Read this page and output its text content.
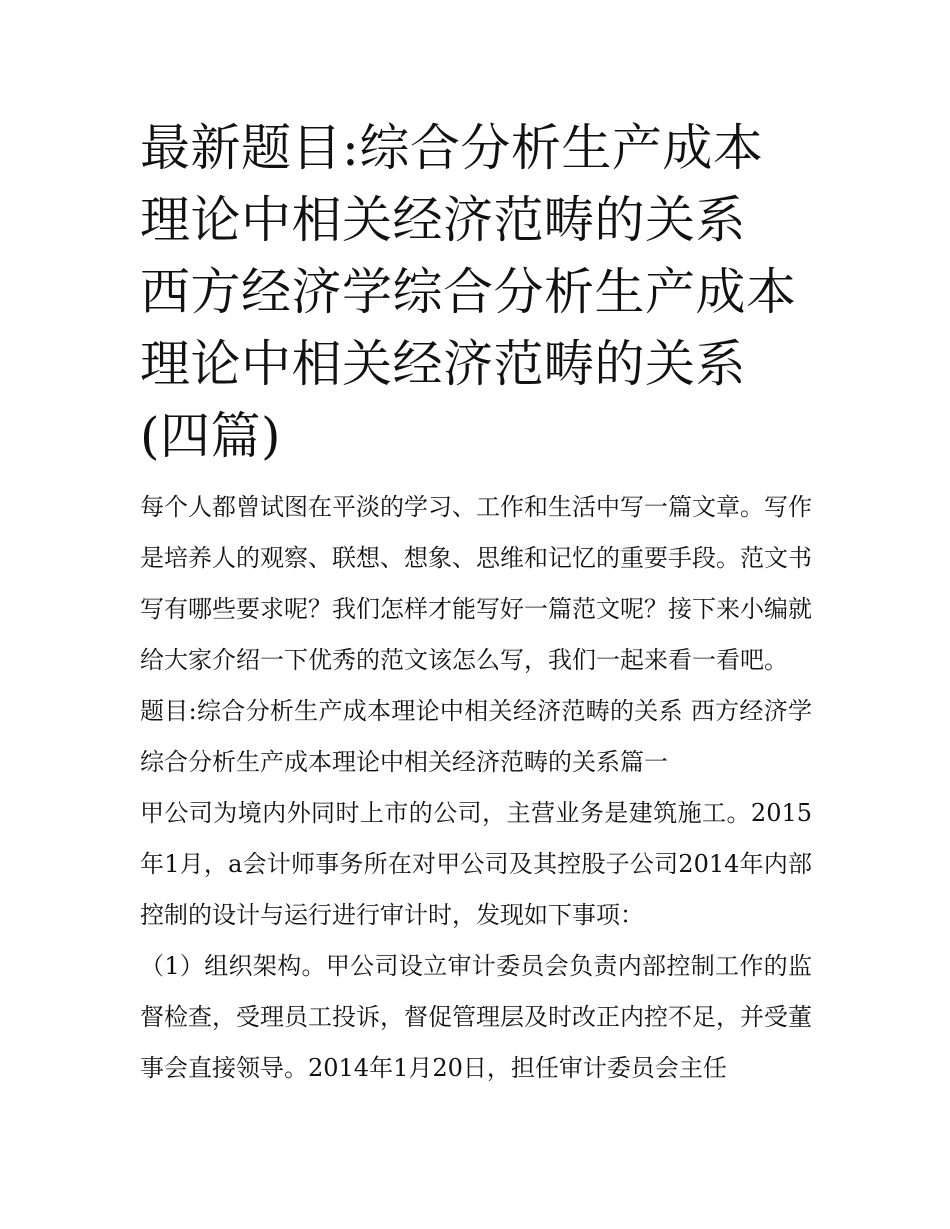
最新题目:综合分析生产成本理论中相关经济范畴的关系 西方经济学综合分析生产成本理论中相关经济范畴的关系(四篇)

每个人都曾试图在平淡的学习、工作和生活中写一篇文章。写作是培养人的观察、联想、想象、思维和记忆的重要手段。范文书写有哪些要求呢？我们怎样才能写好一篇范文呢？接下来小编就给大家介绍一下优秀的范文该怎么写，我们一起来看一看吧。

题目:综合分析生产成本理论中相关经济范畴的关系 西方经济学综合分析生产成本理论中相关经济范畴的关系篇一

甲公司为境内外同时上市的公司，主营业务是建筑施工。2015年1月，a会计师事务所在对甲公司及其控股子公司2014年内部控制的设计与运行进行审计时，发现如下事项：

（1）组织架构。甲公司设立审计委员会负责内部控制工作的监督检查，受理员工投诉，督促管理层及时改正内控不足，并受董事会直接领导。2014年1月20日，担任审计委员会主任
